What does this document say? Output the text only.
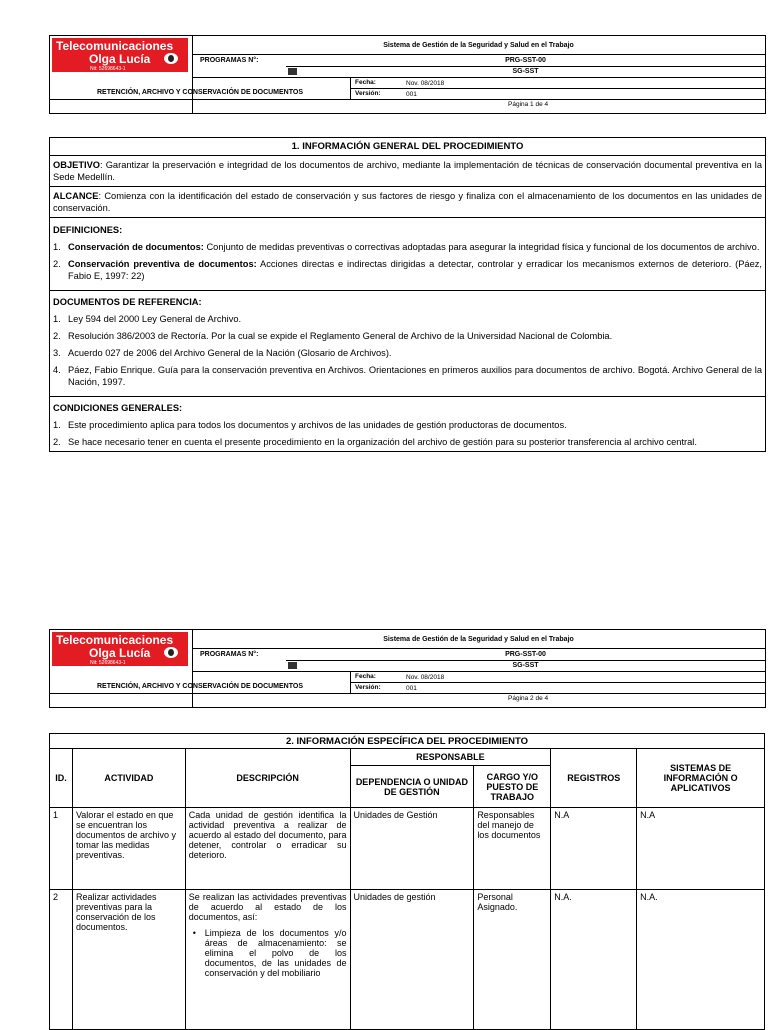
Telecomunicaciones
Olga Lucía
Nit: 52698643-1
Sistema de Gestión de la Seguridad y Salud en el Trabajo
PROGRAMAS N°:	PRG-SST-00
SG-SST
RETENCIÓN, ARCHIVO Y CONSERVACIÓN DE DOCUMENTOS
Fecha:	Nov. 08/2018
Versión:	001
Página 1 de 4
1. INFORMACIÓN GENERAL DEL PROCEDIMIENTO
OBJETIVO: Garantizar la preservación e integridad de los documentos de archivo, mediante la implementación de técnicas de conservación documental preventiva en la Sede Medellín.
ALCANCE: Comienza con la identificación del estado de conservación y sus factores de riesgo y finaliza con el almacenamiento de los documentos en las unidades de conservación.
DEFINICIONES:
1. Conservación de documentos: Conjunto de medidas preventivas o correctivas adoptadas para asegurar la integridad física y funcional de los documentos de archivo.
2. Conservación preventiva de documentos: Acciones directas e indirectas dirigidas a detectar, controlar y erradicar los mecanismos externos de deterioro. (Páez, Fabio E, 1997: 22)
DOCUMENTOS DE REFERENCIA:
1. Ley 594 del 2000 Ley General de Archivo.
2. Resolución 386/2003 de Rectoría. Por la cual se expide el Reglamento General de Archivo de la Universidad Nacional de Colombia.
3. Acuerdo 027 de 2006 del Archivo General de la Nación (Glosario de Archivos).
4. Páez, Fabio Enrique. Guía para la conservación preventiva en Archivos. Orientaciones en primeros auxilios para documentos de archivo. Bogotá. Archivo General de la Nación, 1997.
CONDICIONES GENERALES:
1. Este procedimiento aplica para todos los documentos y archivos de las unidades de gestión productoras de documentos.
2. Se hace necesario tener en cuenta el presente procedimiento en la organización del archivo de gestión para su posterior transferencia al archivo central.
Telecomunicaciones
Olga Lucía
Nit: 52698643-1
Sistema de Gestión de la Seguridad y Salud en el Trabajo
PROGRAMAS N°:	PRG-SST-00
SG-SST
RETENCIÓN, ARCHIVO Y CONSERVACIÓN DE DOCUMENTOS
Fecha:	Nov. 08/2018
Versión:	001
Página 2 de 4
2. INFORMACIÓN ESPECÍFICA DEL PROCEDIMIENTO						
ID.	ACTIVIDAD	DESCRIPCIÓN	RESPONSABLE		REGISTROS	SISTEMAS DE INFORMACIÓN O APLICATIVOS
			DEPENDENCIA O UNIDAD DE GESTIÓN	CARGO Y/O PUESTO DE TRABAJO		
1	Valorar el estado en que se encuentran los documentos de archivo y tomar las medidas preventivas.	Cada unidad de gestión identifica la actividad preventiva a realizar de acuerdo al estado del documento, para detener, controlar o erradicar su deterioro.	Unidades de Gestión	Responsables del manejo de los documentos	N.A	N.A
2	Realizar actividades preventivas para la conservación de los documentos.	Se realizan las actividades preventivas de acuerdo al estado de los documentos, así:
• Limpieza de los documentos y/o áreas de almacenamiento: se elimina el polvo de los documentos, de las unidades de conservación y del mobiliario	Unidades de gestión	Personal Asignado.	N.A.	N.A.
